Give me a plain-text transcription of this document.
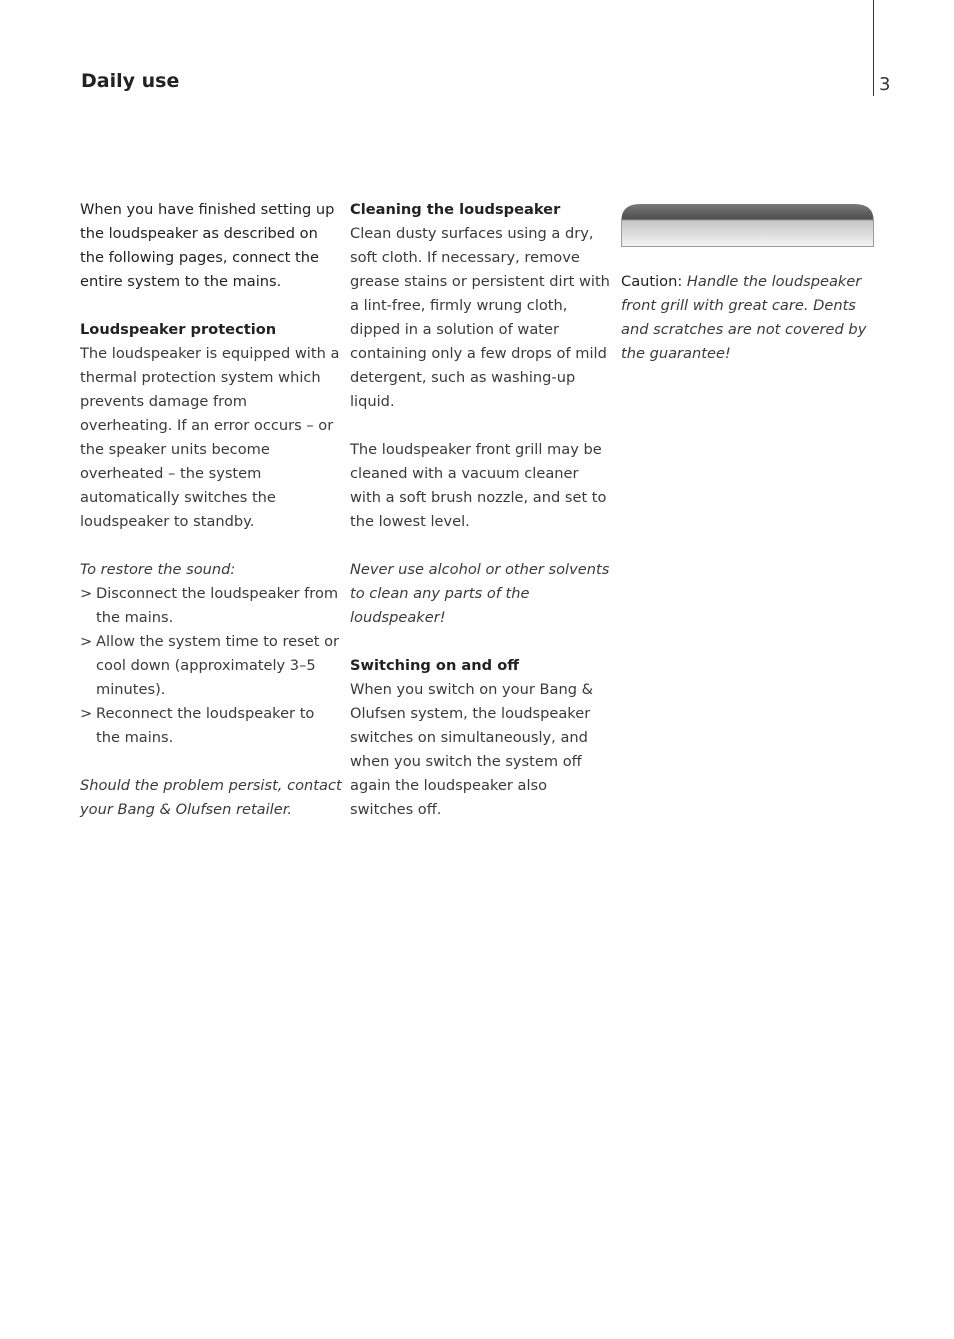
Daily use	3

When you have finished setting up the loudspeaker as described on the following pages, connect the entire system to the mains.

Loudspeaker protection

The loudspeaker is equipped with a thermal protection system which prevents damage from overheating. If an error occurs – or the speaker units become overheated – the system automatically switches the loudspeaker to standby.

To restore the sound:

> Disconnect the loudspeaker from the mains.
> Allow the system time to reset or cool down (approximately 3–5 minutes).
> Reconnect the loudspeaker to the mains.

Should the problem persist, contact your Bang & Olufsen retailer.

Cleaning the loudspeaker

Clean dusty surfaces using a dry, soft cloth. If necessary, remove grease stains or persistent dirt with a lint-free, firmly wrung cloth, dipped in a solution of water containing only a few drops of mild detergent, such as washing-up liquid.

The loudspeaker front grill may be cleaned with a vacuum cleaner with a soft brush nozzle, and set to the lowest level.

Never use alcohol or other solvents to clean any parts of the loudspeaker!

Switching on and off

When you switch on your Bang & Olufsen system, the loudspeaker switches on simultaneously, and when you switch the system off again the loudspeaker also switches off.

Caution: Handle the loudspeaker front grill with great care. Dents and scratches are not covered by the guarantee!
